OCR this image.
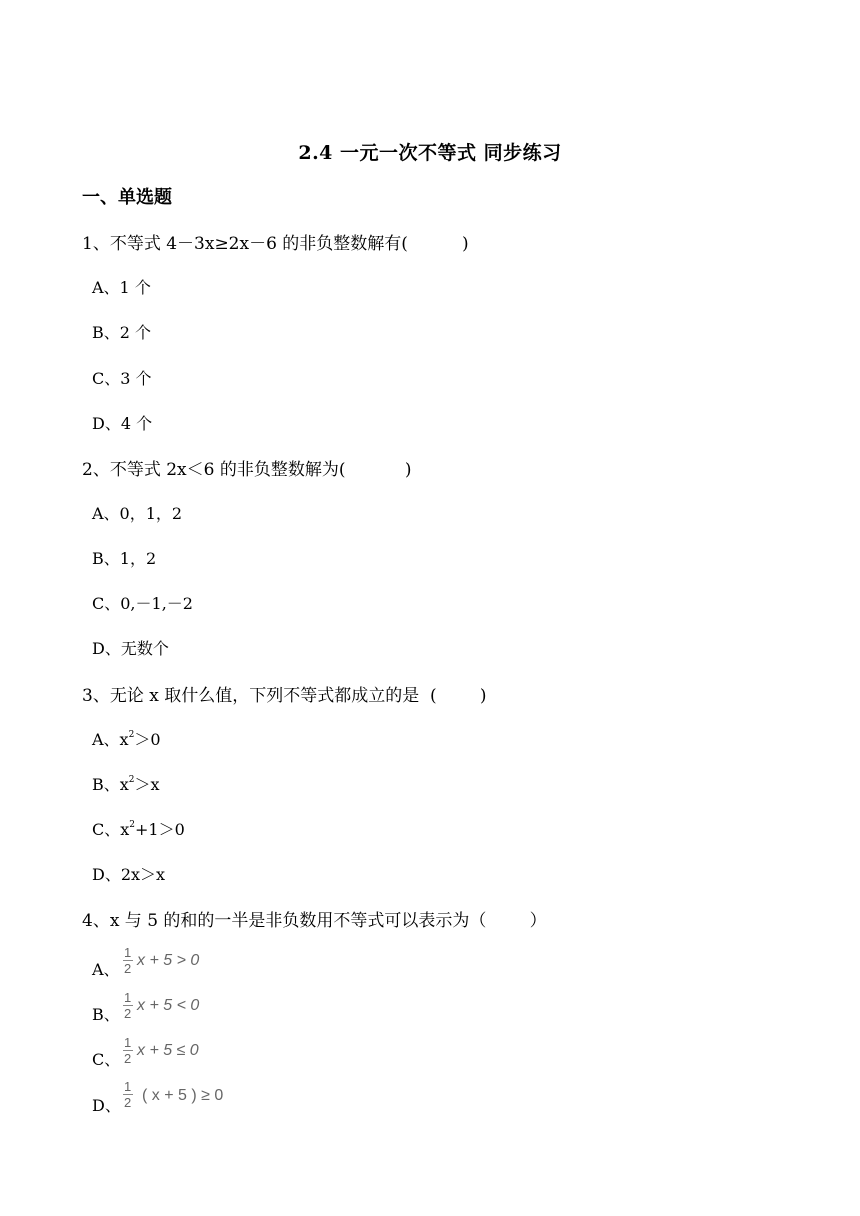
2.4 一元一次不等式 同步练习
一、单选题
1、不等式 4－3x≥2x－6 的非负整数解有(          )
A、1 个
B、2 个
C、3 个
D、4 个
2、不等式 2x＜6 的非负整数解为(           )
A、0，1，2
B、1，2
C、0,－1,－2
D、无数个
3、无论 x 取什么值，下列不等式都成立的是  (        )
A、$x^2>0$
B、$x^2>x$
C、$x^2+1>0$
D、2x＞x
4、x 与 5 的和的一半是非负数用不等式可以表示为（        ）
A、
1
2 x + 5 > 0
B、
1
2 x + 5 < 0
C、
1
2 x + 5 ≤ 0
D、
1
2 ( x + 5 ) ≥ 0
